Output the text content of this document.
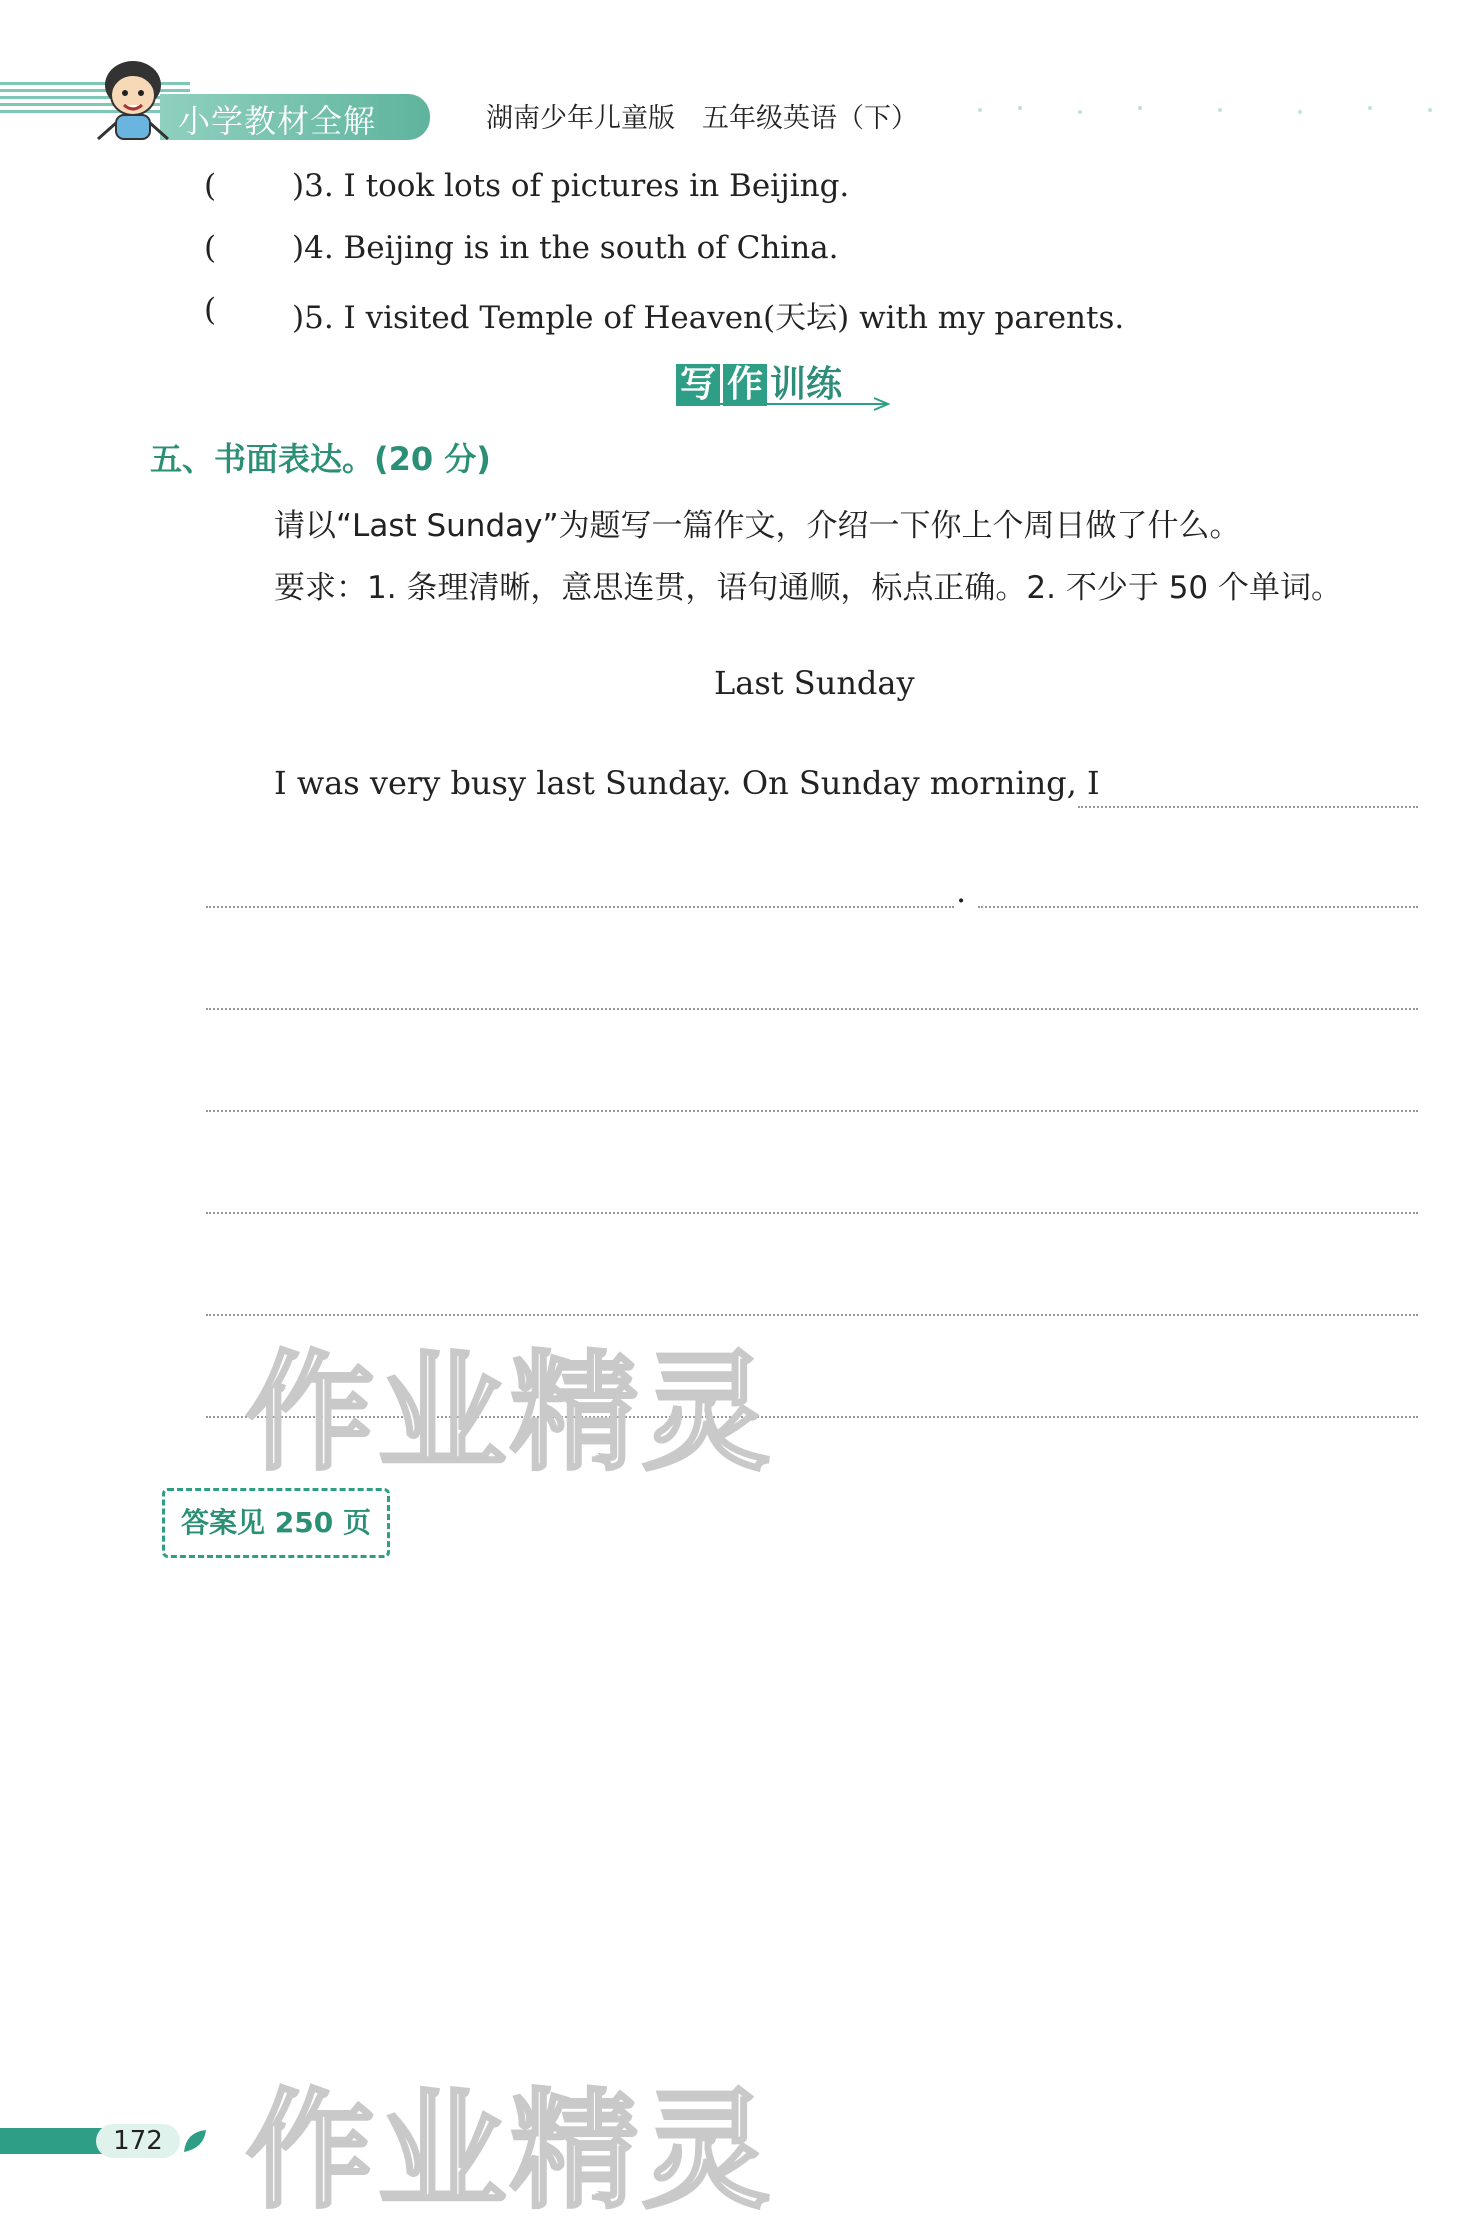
小学教材全解	湖南少年儿童版　五年级英语（下）
( )3. I took lots of pictures in Beijing.
( )4. Beijing is in the south of China.
( )5. I visited Temple of Heaven(天坛) with my parents.
写 作 训练
五、书面表达。(20 分)
请以“Last Sunday”为题写一篇作文，介绍一下你上个周日做了什么。
要求：1. 条理清晰，意思连贯，语句通顺，标点正确。2. 不少于 50 个单词。
Last Sunday
I was very busy last Sunday. On Sunday morning, I
.
作业精灵
答案见 250 页
作业精灵
172
